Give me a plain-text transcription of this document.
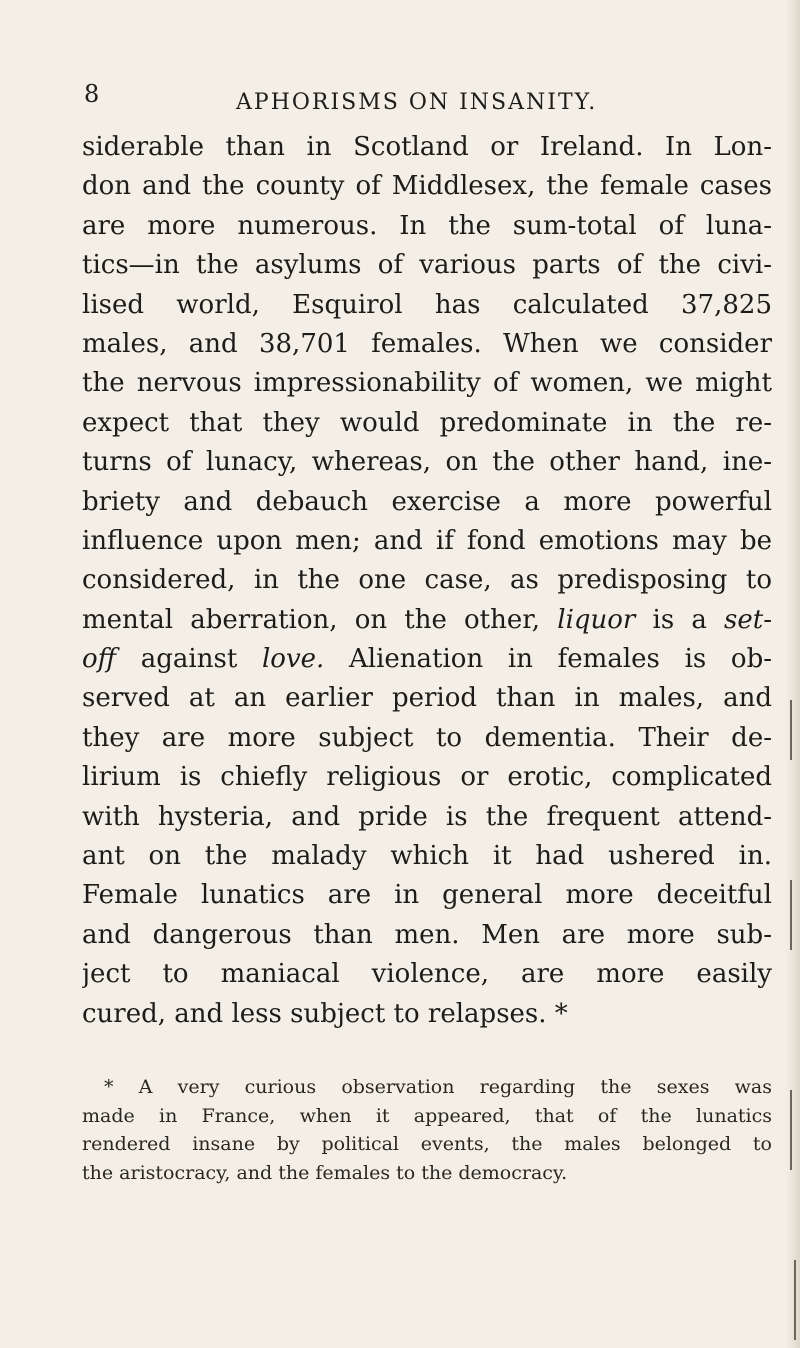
8	APHORISMS ON INSANITY.
siderable than in Scotland or Ireland. In Lon-
don and the county of Middlesex, the female cases
are more numerous. In the sum-total of luna-
tics—in the asylums of various parts of the civi-
lised world, Esquirol has calculated 37,825
males, and 38,701 females. When we consider
the nervous impressionability of women, we might
expect that they would predominate in the re-
turns of lunacy, whereas, on the other hand, ine-
briety and debauch exercise a more powerful
influence upon men; and if fond emotions may be
considered, in the one case, as predisposing to
mental aberration, on the other, liquor is a set-
off against love. Alienation in females is ob-
served at an earlier period than in males, and
they are more subject to dementia. Their de-
lirium is chiefly religious or erotic, complicated
with hysteria, and pride is the frequent attend-
ant on the malady which it had ushered in.
Female lunatics are in general more deceitful
and dangerous than men. Men are more sub-
ject to maniacal violence, are more easily
cured, and less subject to relapses. *
* A very curious observation regarding the sexes was
made in France, when it appeared, that of the lunatics
rendered insane by political events, the males belonged to
the aristocracy, and the females to the democracy.
